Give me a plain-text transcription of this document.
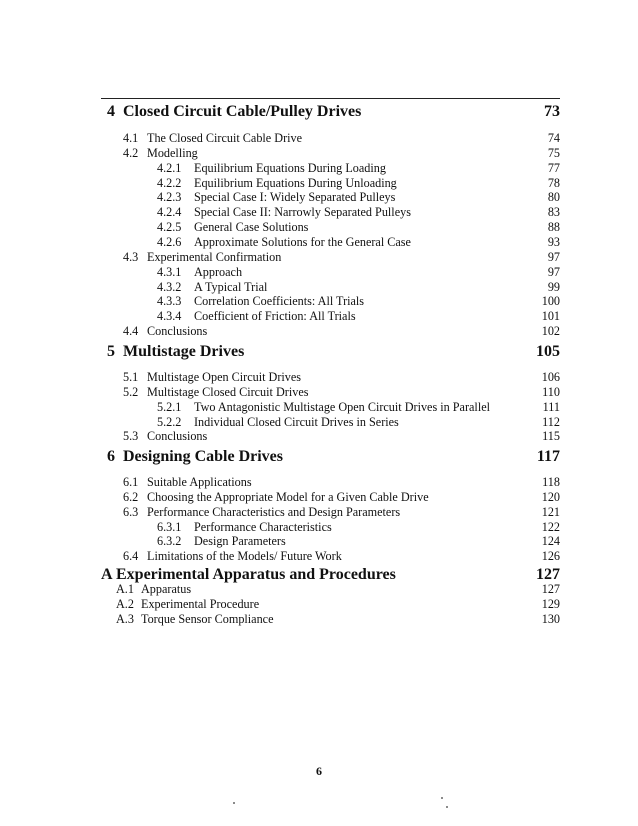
4 Closed Circuit Cable/Pulley Drives	73
4.1 The Closed Circuit Cable Drive	74
4.2 Modelling	75
4.2.1 Equilibrium Equations During Loading	77
4.2.2 Equilibrium Equations During Unloading	78
4.2.3 Special Case I: Widely Separated Pulleys	80
4.2.4 Special Case II: Narrowly Separated Pulleys	83
4.2.5 General Case Solutions	88
4.2.6 Approximate Solutions for the General Case	93
4.3 Experimental Confirmation	97
4.3.1 Approach	97
4.3.2 A Typical Trial	99
4.3.3 Correlation Coefficients: All Trials	100
4.3.4 Coefficient of Friction: All Trials	101
4.4 Conclusions	102
5 Multistage Drives	105
5.1 Multistage Open Circuit Drives	106
5.2 Multistage Closed Circuit Drives	110
5.2.1 Two Antagonistic Multistage Open Circuit Drives in Parallel	111
5.2.2 Individual Closed Circuit Drives in Series	112
5.3 Conclusions	115
6 Designing Cable Drives	117
6.1 Suitable Applications	118
6.2 Choosing the Appropriate Model for a Given Cable Drive	120
6.3 Performance Characteristics and Design Parameters	121
6.3.1 Performance Characteristics	122
6.3.2 Design Parameters	124
6.4 Limitations of the Models/ Future Work	126
A Experimental Apparatus and Procedures	127
A.1 Apparatus	127
A.2 Experimental Procedure	129
A.3 Torque Sensor Compliance	130
6
